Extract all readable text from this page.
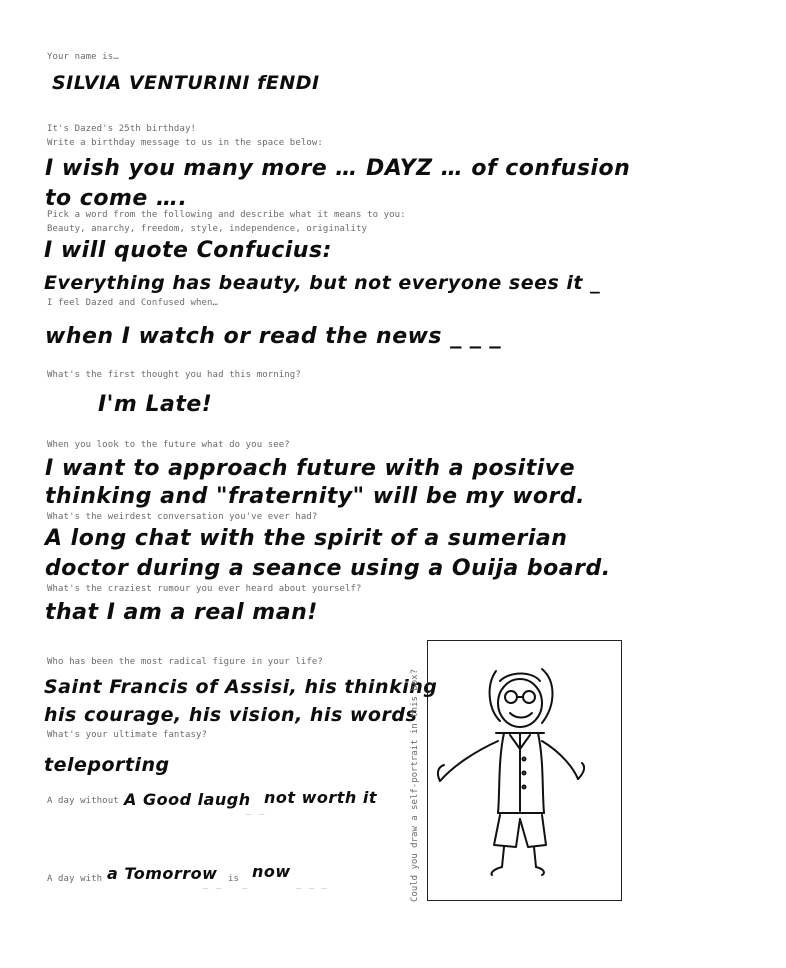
Your name is…
SILVIA VENTURINI fENDI
It's Dazed's 25th birthday!
Write a birthday message to us in the space below:
I wish you many more … DAYZ … of confusion
to come ….
Pick a word from the following and describe what it means to you:
Beauty, anarchy, freedom, style, independence, originality
I will quote Confucius:
Everything has beauty, but not everyone sees it _
I feel Dazed and Confused when…
when I watch or read the news _ _ _
What's the first thought you had this morning?
I'm Late!
When you look to the future what do you see?
I want to approach future with a positive
thinking and "fraternity" will be my word.
What's the weirdest conversation you've ever had?
A long chat with the spirit of a sumerian
doctor during a seance using a Ouija board.
What's the craziest rumour you ever heard about yourself?
that I am a real man!
Who has been the most radical figure in your life?
Saint Francis of Assisi, his thinking
his courage, his vision, his words
What's your ultimate fantasy?
teleporting
A day without A Good laugh
_ _
not worth it
A day with a Tomorrow
_ _
is
_
now
_ _ _	Could you draw a self-portrait in this box?
